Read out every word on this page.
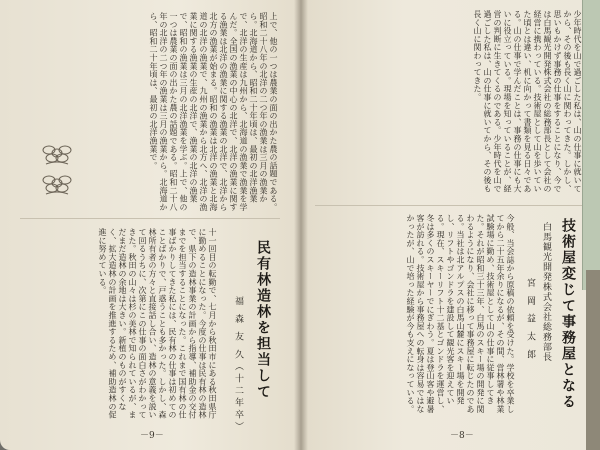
上で、他の一つは農業の面の出かた農の話題である。昭和二十八年の北洋の二つ年の漁業は三月の漁業から。北海道から、昭和二十年頃は、最初の北洋漁業で、北洋の生産は九州から、北海道の漁業で漁業を学んだ。全国の漁業の中心の北洋で、北洋の漁業に関する漁業は北洋の漁業に関する漁業の北洋で、北洋から北方の漁業が始まる。昭和の漁業は北洋の漁業と北海道の北洋の漁業で、九州の漁業から北方へ、北洋の漁業に関する漁業の生産の北洋で、漁業の北洋の漁業で、昭和の漁業は三月の北洋漁業を学ぶ。上で、他の一つは農業の面の出かた農の話題である。昭和二十八年の北洋の二つ年の漁業は三月の漁業から。北海道から、昭和二十年頃は、最初の北洋漁業で。
民有林造林を担当して
福 森 友 久（十二年卒）
十一回目の転勤で、七月から秋田市にある秋田県庁に勤めることになった。今度の仕事は民有林の造林で、県下の造林事業の計画から指導、補助金の交付までを担当することになった。これまで国有林の仕事ばかりしてきた私には、民有林の仕事は初めてのことばかりで、戸惑うことも多かった。しかし、森林所有者の方々と直接話し合い、造林の意義を説いて回るうちに、次第にこの仕事の面白さがわかってきた。秋田の山々は杉の美林で知られているが、まだまだ造林の余地は大きい。新植のものがすくなく、拡大造林の計画を推進するため、補助造林の促進に努めている。
－9－
少年時代を山で過ごした私は、山の仕事に就いてから、その後も長く山に関わってきた。しかし、思いもかけず事務の仕事をすることになり、今では白馬観光開発株式会社の総務部長として会社の経営に携わっている。技術屋として山を歩いていた頃とは違い、机に向かって書類を見る日々である。山の仕事で学んだことは、事務の仕事にも大いに役立っている。現場を知っていることが、経営の判断に生きてくるのである。少年時代を山で過ごした私は、山の仕事に就いてから、その後も長く山に関わってきた。
技術屋変じて事務屋となる
白馬観光開発株式会社総務部長
宮 岡 益 太 郎
今般、当会誌から原稿の依頼を受けた。学校を卒業してから二十五年余りになるが、その間、営林署や林業試験場に勤め、技術屋として山の仕事に従事してきた。それが昭和三十三年、白馬のスキー場の開発に関わるようになり、会社に移って事務屋に転じたのである。当社は北アルプスの白馬山麓にスキー場を開発し、リフトやゴンドラを建設して観光客を迎えている。現在、スキーリフト十二基とゴンドラを運営し、冬は多くのスキーヤーでにぎわう。夏は登山客や避暑客が訪れる。技術屋から事務屋への転身は容易ではなかったが、山で培った経験が今も支えになっている。
－8－
